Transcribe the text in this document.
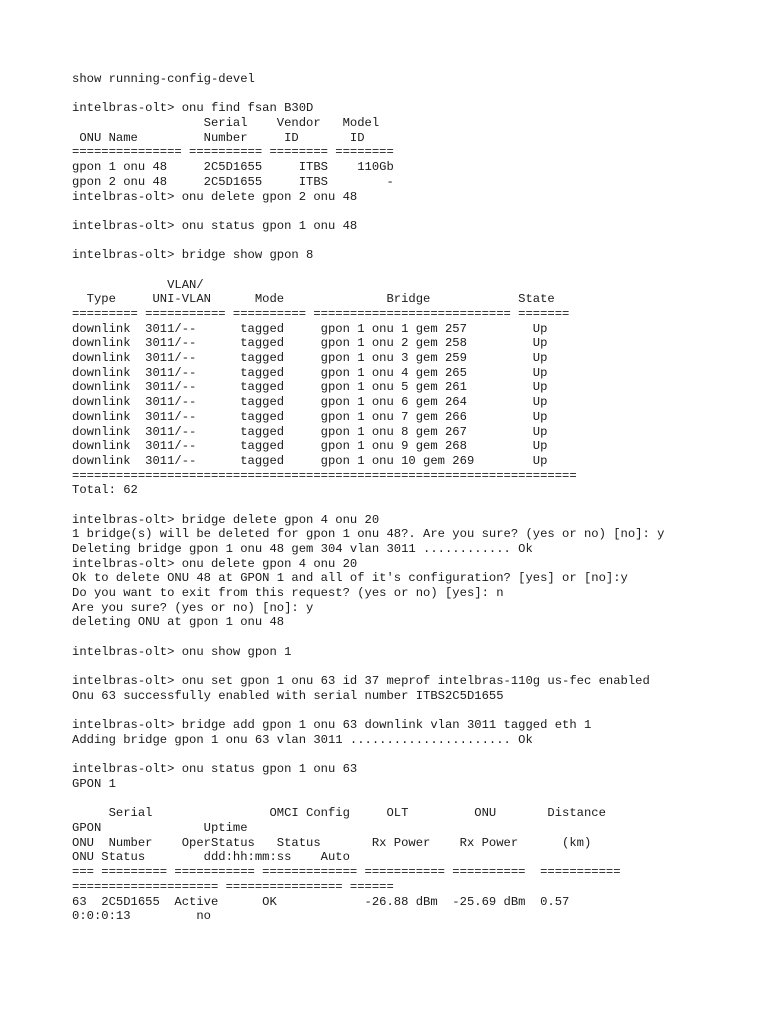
show running-config-devel
intelbras-olt> onu find fsan B30D
Serial    Vendor   Model
ONU Name         Number     ID       ID
=============== ========== ======== ========
gpon 1 onu 48     2C5D1655     ITBS    110Gb
gpon 2 onu 48     2C5D1655     ITBS        -
intelbras-olt> onu delete gpon 2 onu 48
intelbras-olt> onu status gpon 1 onu 48
intelbras-olt> bridge show gpon 8
VLAN/
Type     UNI-VLAN      Mode              Bridge            State
========= =========== ========== =========================== =======
downlink  3011/--      tagged     gpon 1 onu 1 gem 257         Up
downlink  3011/--      tagged     gpon 1 onu 2 gem 258         Up
downlink  3011/--      tagged     gpon 1 onu 3 gem 259         Up
downlink  3011/--      tagged     gpon 1 onu 4 gem 265         Up
downlink  3011/--      tagged     gpon 1 onu 5 gem 261         Up
downlink  3011/--      tagged     gpon 1 onu 6 gem 264         Up
downlink  3011/--      tagged     gpon 1 onu 7 gem 266         Up
downlink  3011/--      tagged     gpon 1 onu 8 gem 267         Up
downlink  3011/--      tagged     gpon 1 onu 9 gem 268         Up
downlink  3011/--      tagged     gpon 1 onu 10 gem 269        Up
=====================================================================
Total: 62
intelbras-olt> bridge delete gpon 4 onu 20
1 bridge(s) will be deleted for gpon 1 onu 48?. Are you sure? (yes or no) [no]: y
Deleting bridge gpon 1 onu 48 gem 304 vlan 3011 ............ Ok
intelbras-olt> onu delete gpon 4 onu 20
Ok to delete ONU 48 at GPON 1 and all of it's configuration? [yes] or [no]:y
Do you want to exit from this request? (yes or no) [yes]: n
Are you sure? (yes or no) [no]: y
deleting ONU at gpon 1 onu 48
intelbras-olt> onu show gpon 1
intelbras-olt> onu set gpon 1 onu 63 id 37 meprof intelbras-110g us-fec enabled
Onu 63 successfully enabled with serial number ITBS2C5D1655
intelbras-olt> bridge add gpon 1 onu 63 downlink vlan 3011 tagged eth 1
Adding bridge gpon 1 onu 63 vlan 3011 ...................... Ok
intelbras-olt> onu status gpon 1 onu 63
GPON 1
Serial                OMCI Config     OLT         ONU       Distance
GPON              Uptime
ONU  Number    OperStatus   Status       Rx Power    Rx Power      (km)
ONU Status        ddd:hh:mm:ss    Auto
=== ========= =========== ============= =========== ==========  ===========
==================== ================ ======
63  2C5D1655  Active      OK            -26.88 dBm  -25.69 dBm  0.57
0:0:0:13         no
